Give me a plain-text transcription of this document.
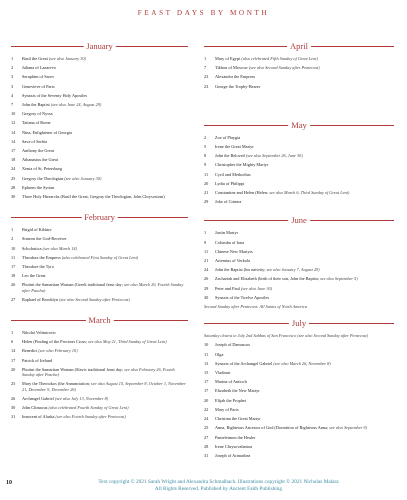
FEAST DAYS BY MONTH
January
1	Basil the Great (see also January 30)
2	Juliana of Lazarevo
3	Seraphim of Sarov
3	Genevieve of Paris
4	Synaxis of the Seventy Holy Apostles
7	John the Baptist (see also June 24, August 29)
10	Gregory of Nyssa
12	Tatiana of Rome
14	Nina, Enlightener of Georgia
14	Sava of Serbia
17	Anthony the Great
18	Athanasius the Great
24	Xenia of St. Petersburg
25	Gregory the Theologian (see also January 30)
28	Ephrem the Syrian
30	Three Holy Hierarchs (Basil the Great, Gregory the Theologian, John Chrysostom)
February
1	Brigid of Kildare
2	Simeon the God-Receiver
10	Scholastica (see also March 14)
11	Theodora the Empress (also celebrated First Sunday of Great Lent)
17	Theodore the Tyro
18	Leo the Great
26	Photini the Samaritan Woman (Greek traditional feast day; see also March 20, Fourth Sunday after Pascha)
27	Raphael of Brooklyn (see also Second Sunday after Pentecost)
March
1	Nikolai Velimirovic
6	Helen (Finding of the Precious Cross; see also May 21, Third Sunday of Great Lent)
14	Benedict (see also February 10)
17	Patrick of Ireland
20	Photini the Samaritan Woman (Slavic traditional feast day; see also February 26, Fourth Sunday after Pascha)
25	Mary the Theotokos (the Annunciation; see also August 15, September 8, October 1, November 21, December 9, December 26)
26	Archangel Gabriel (see also July 13, November 8)
30	John Climacus (also celebrated Fourth Sunday of Great Lent)
31	Innocent of Alaska (see also Fourth Sunday after Pentecost)
April
1	Mary of Egypt (also celebrated Fifth Sunday of Great Lent)
7	Tikhon of Moscow (see also Second Sunday after Pentecost)
23	Alexandra the Empress
23	George the Trophy-Bearer
May
2	Zoe of Playgia
5	Irene the Great Martyr
8	John the Beloved (see also September 26, June 30)
9	Christopher the Mighty Martyr
11	Cyril and Methodius
20	Lydia of Philippi
21	Constantine and Helen (Helen: see also March 6, Third Sunday of Great Lent)
29	Joke of Crimea
June
1	Justin Martyr
9	Columba of Iona
11	Chinese New Martyrs
21	Artemius of Verkola
24	John the Baptist (his nativity; see also January 7, August 29)
26	Zachariah and Elizabeth (birth of their son, John the Baptist; see also September 5)
29	Peter and Paul (see also June 30)
30	Synaxis of the Twelve Apostles
Second Sunday after Pentecost: All Saints of North America
July
Saturday closest to July 2nd Sabbas of San Francisco (see also Second Sunday after Pentecost)
10	Joseph of Damascus
11	Olga
13	Synaxis of the Archangel Gabriel (see also March 26, November 8)
15	Vladimir
17	Marina of Antioch
17	Elizabeth the New Martyr
20	Elijah the Prophet
22	Mary of Paris
24	Christina the Great Martyr
25	Anna, Righteous Ancestor of God (Dormition of Righteous Anna; see also September 9)
27	Panteleimon the Healer
28	Irene Chrysovalantou
31	Joseph of Arimathea
10	Text copyright © 2021 Sarah Wright and Alexandra Schmalbach. Illustrations copyright © 2021 Nicholas Malara
All Rights Reserved. Published by Ancient Faith Publishing
